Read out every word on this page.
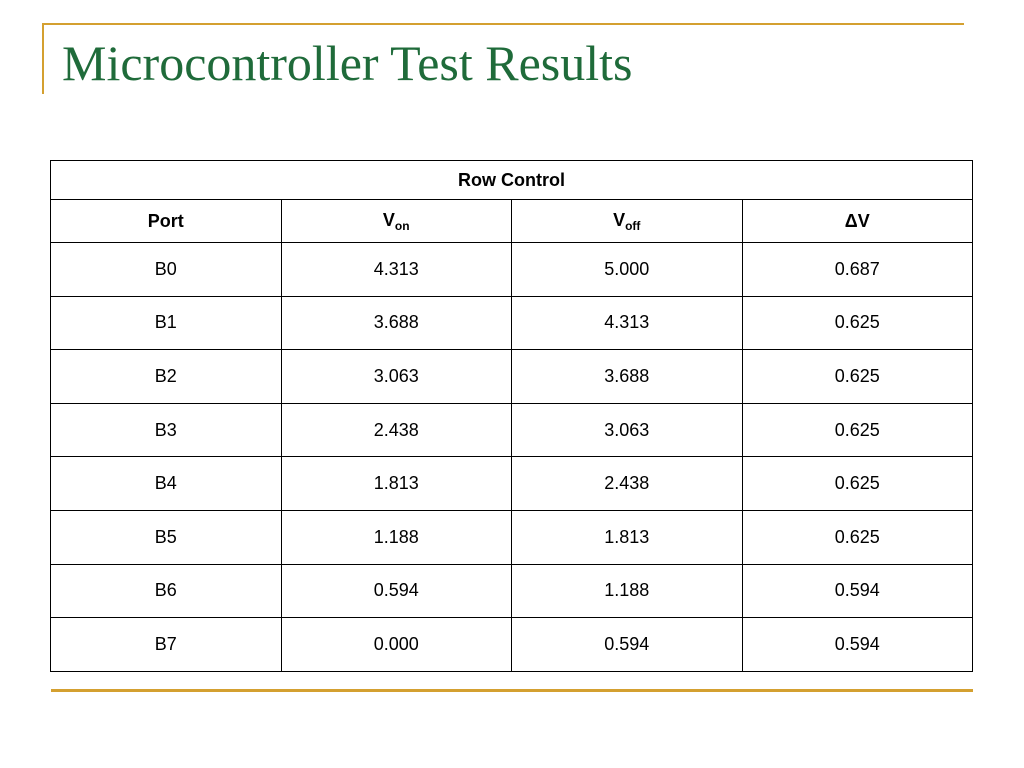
Microcontroller Test Results
Row Control			
Port	$V_{on}$	$V_{off}$	ΔV
B0	4.313	5.000	0.687
B1	3.688	4.313	0.625
B2	3.063	3.688	0.625
B3	2.438	3.063	0.625
B4	1.813	2.438	0.625
B5	1.188	1.813	0.625
B6	0.594	1.188	0.594
B7	0.000	0.594	0.594
